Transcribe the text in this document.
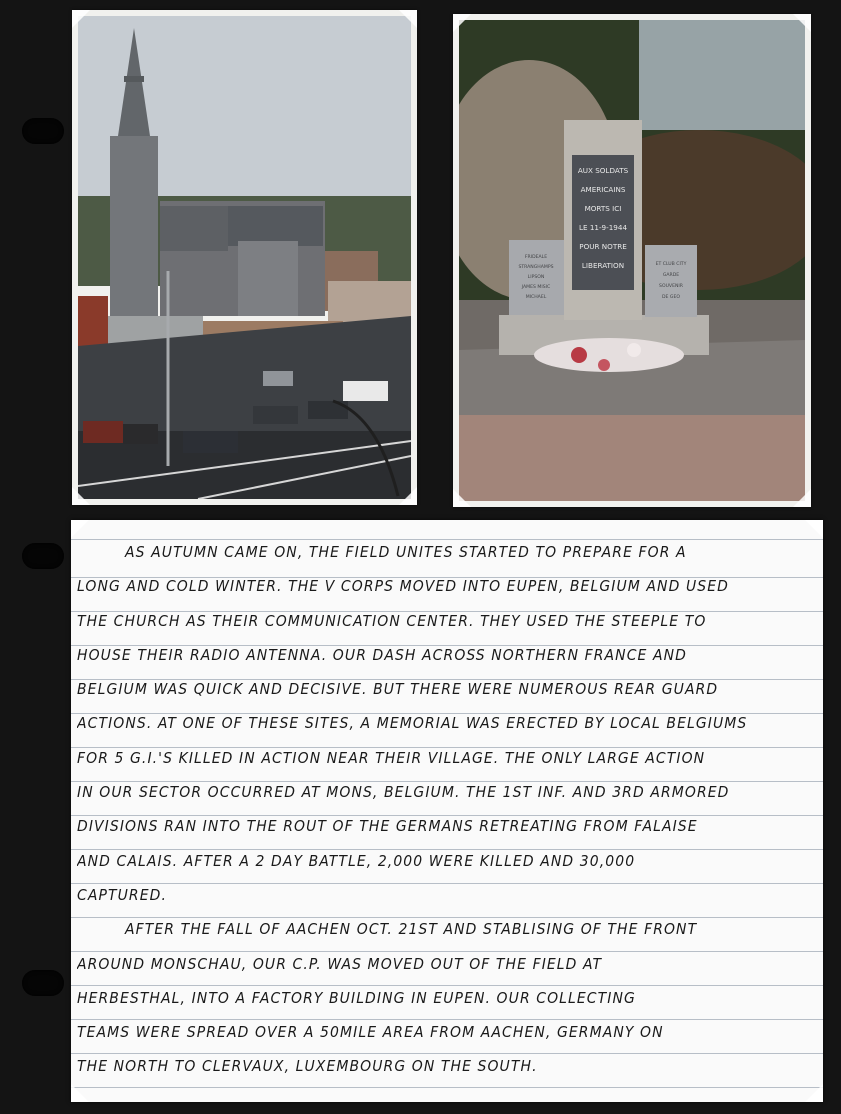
AUX SOLDATS
AMERICAINS
MORTS ICI
LE 11-9-1944
POUR NOTRE
LIBERATION
FRIDEALE
STRANGHAMPS
LIPSON
JAMES MISIC
MICHAEL
ET CLUB CITY
GARDE
SOUVENIR
DE GEO
AS AUTUMN CAME ON, THE FIELD UNITES STARTED TO PREPARE FOR A
LONG AND COLD WINTER. THE V CORPS MOVED INTO EUPEN, BELGIUM AND USED
THE CHURCH AS THEIR COMMUNICATION CENTER. THEY USED THE STEEPLE TO
HOUSE THEIR RADIO ANTENNA. OUR DASH ACROSS NORTHERN FRANCE AND
BELGIUM WAS QUICK AND DECISIVE. BUT THERE WERE NUMEROUS REAR GUARD
ACTIONS. AT ONE OF THESE SITES, A MEMORIAL WAS ERECTED BY LOCAL BELGIUMS
FOR 5 G.I.'S KILLED IN ACTION NEAR THEIR VILLAGE. THE ONLY LARGE ACTION
IN OUR SECTOR OCCURRED AT MONS, BELGIUM. THE 1ST INF. AND 3RD ARMORED
DIVISIONS RAN INTO THE ROUT OF THE GERMANS RETREATING FROM FALAISE
AND CALAIS. AFTER A 2 DAY BATTLE, 2,000 WERE KILLED AND 30,000
CAPTURED.
AFTER THE FALL OF AACHEN OCT. 21ST AND STABLISING OF THE FRONT
AROUND MONSCHAU, OUR C.P. WAS MOVED OUT OF THE FIELD AT
HERBESTHAL, INTO A FACTORY BUILDING IN EUPEN. OUR COLLECTING
TEAMS WERE SPREAD OVER A 50MILE AREA FROM AACHEN, GERMANY ON
THE NORTH TO CLERVAUX, LUXEMBOURG ON THE SOUTH.
